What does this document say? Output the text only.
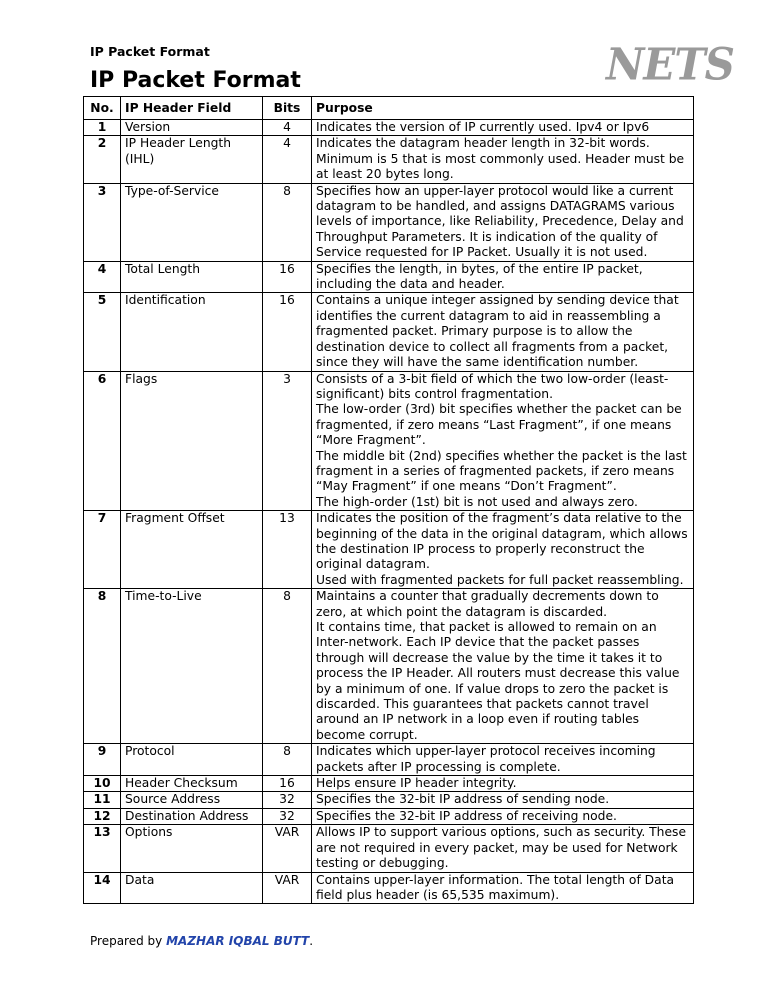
IP Packet Format	NETS
IP Packet Format
No.	IP Header Field	Bits	Purpose
1	Version	4	Indicates the version of IP currently used. Ipv4 or Ipv6

2	IP Header Length (IHL)	4	Indicates the datagram header length in 32-bit words. Minimum is 5 that is most commonly used. Header must be at least 20 bytes long.

3	Type-of-Service	8	Specifies how an upper-layer protocol would like a current datagram to be handled, and assigns DATAGRAMS various levels of importance, like Reliability, Precedence, Delay and Throughput Parameters. It is indication of the quality of Service requested for IP Packet. Usually it is not used.

4	Total Length	16	Specifies the length, in bytes, of the entire IP packet, including the data and header.

5	Identification	16	Contains a unique integer assigned by sending device that identifies the current datagram to aid in reassembling a fragmented packet. Primary purpose is to allow the destination device to collect all fragments from a packet, since they will have the same identification number.

6	Flags	3	Consists of a 3-bit field of which the two low-order (least-significant) bits control fragmentation.
The low-order (3rd) bit specifies whether the packet can be fragmented, if zero means “Last Fragment”, if one means “More Fragment”.
The middle bit (2nd) specifies whether the packet is the last fragment in a series of fragmented packets, if zero means “May Fragment” if one means “Don’t Fragment”.
The high-order (1st) bit is not used and always zero.

7	Fragment Offset	13	Indicates the position of the fragment’s data relative to the beginning of the data in the original datagram, which allows the destination IP process to properly reconstruct the original datagram.
Used with fragmented packets for full packet reassembling.

8	Time-to-Live	8	Maintains a counter that gradually decrements down to zero, at which point the datagram is discarded.
It contains time, that packet is allowed to remain on an Inter-network. Each IP device that the packet passes through will decrease the value by the time it takes it to process the IP Header. All routers must decrease this value by a minimum of one. If value drops to zero the packet is discarded. This guarantees that packets cannot travel around an IP network in a loop even if routing tables become corrupt.

9	Protocol	8	Indicates which upper-layer protocol receives incoming packets after IP processing is complete.

10	Header Checksum	16	Helps ensure IP header integrity.

11	Source Address	32	Specifies the 32-bit IP address of sending node.

12	Destination Address	32	Specifies the 32-bit IP address of receiving node.

13	Options	VAR	Allows IP to support various options, such as security. These are not required in every packet, may be used for Network testing or debugging.

14	Data	VAR	Contains upper-layer information. The total length of Data field plus header (is 65,535 maximum).
Prepared by MAZHAR IQBAL BUTT.
